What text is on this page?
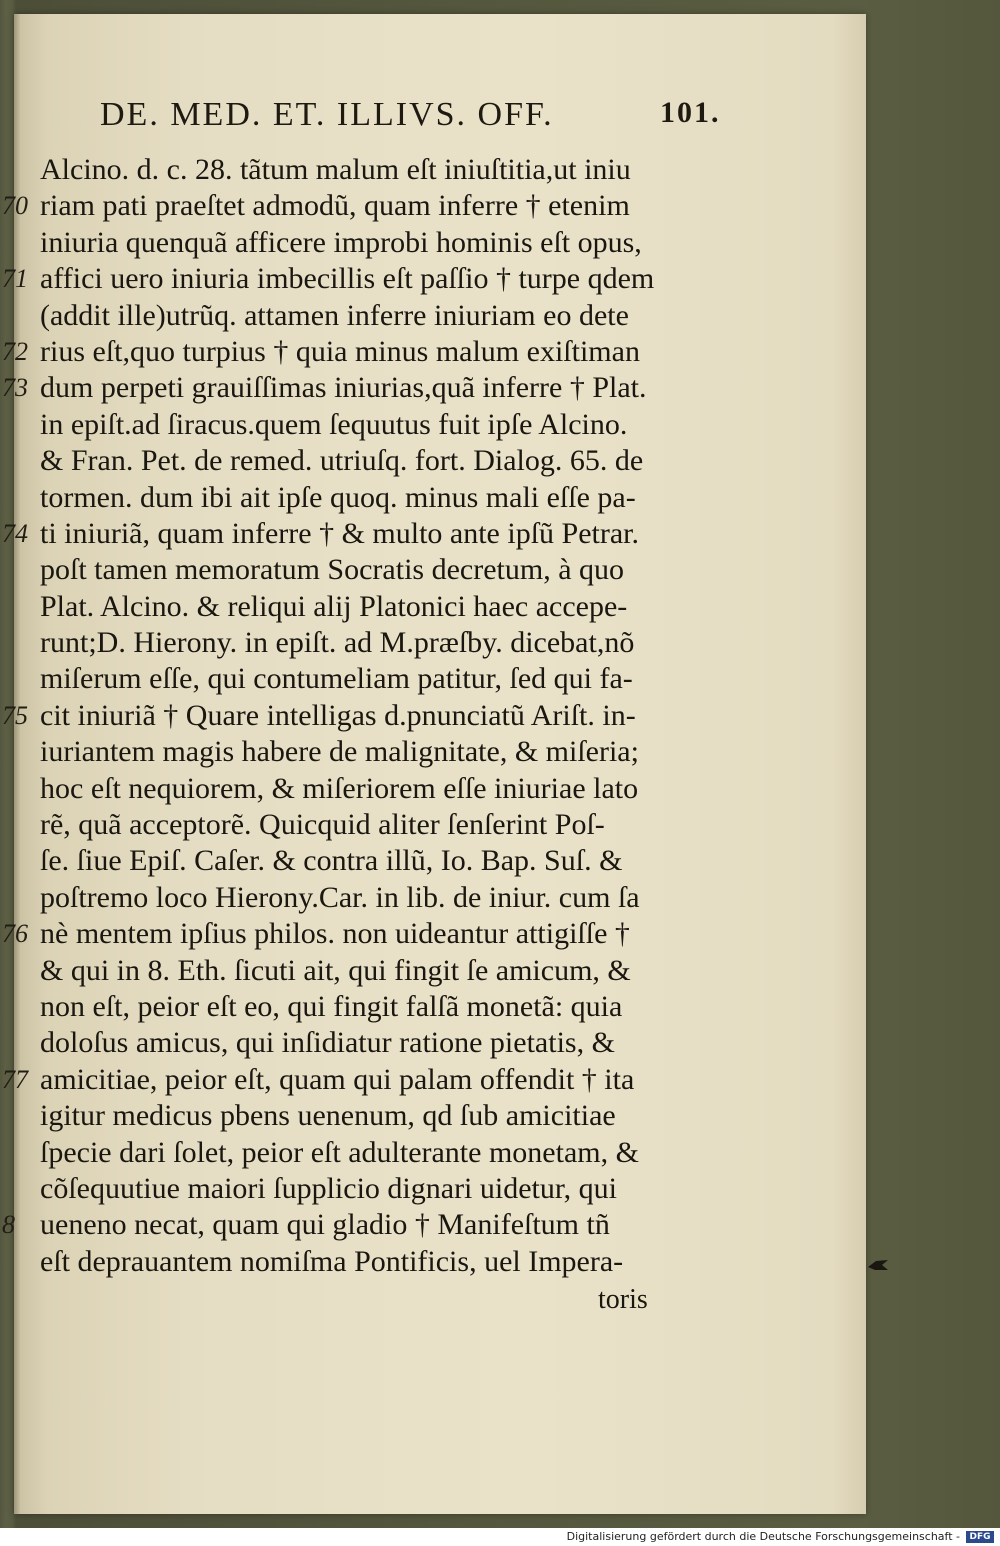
DE. MED. ET. ILLIVS. OFF.	101.
Alcino. d. c. 28. tãtum malum eſt iniuſtitia,ut iniu
70 riam pati praeſtet admodũ, quam inferre † etenim
iniuria quenquã afficere improbi hominis eſt opus,
71 affici uero iniuria imbecillis eſt paſſio † turpe qdem
(addit ille)utrũq. attamen inferre iniuriam eo dete
72 rius eſt,quo turpius † quia minus malum exiſtiman
73 dum perpeti grauiſſimas iniurias,quã inferre † Plat.
in epiſt.ad ſiracus.quem ſequutus fuit ipſe Alcino.
& Fran. Pet. de remed. utriuſq. fort. Dialog. 65. de
tormen. dum ibi ait ipſe quoq. minus mali eſſe pa-
74 ti iniuriã, quam inferre † & multo ante ipſũ Petrar.
poſt tamen memoratum Socratis decretum, à quo
Plat. Alcino. & reliqui alij Platonici haec accepe-
runt;D. Hierony. in epiſt. ad M.præſby. dicebat,nõ
miſerum eſſe, qui contumeliam patitur, ſed qui fa-
75 cit iniuriã † Quare intelligas d.pnunciatũ Ariſt. in-
iuriantem magis habere de malignitate, & miſeria;
hoc eſt nequiorem, & miſeriorem eſſe iniuriae lato
rẽ, quã acceptorẽ. Quicquid aliter ſenſerint Poſ-
ſe. ſiue Epiſ. Caſer. & contra illũ, Io. Bap. Suſ. &
poſtremo loco Hierony.Car. in lib. de iniur. cum ſa
76 nè mentem ipſius philos. non uideantur attigiſſe †
& qui in 8. Eth. ſicuti ait, qui fingit ſe amicum, &
non eſt, peior eſt eo, qui fingit falſã monetã: quia
doloſus amicus, qui inſidiatur ratione pietatis, &
77 amicitiae, peior eſt, quam qui palam offendit † ita
igitur medicus pbens uenenum, qd ſub amicitiae
ſpecie dari ſolet, peior eſt adulterante monetam, &
cõſequutiue maiori ſupplicio dignari uidetur, qui
8 ueneno necat, quam qui gladio † Manifeſtum tñ
eſt deprauantem nomiſma Pontificis, uel Impera-
toris
Digitalisierung gefördert durch die Deutsche Forschungsgemeinschaft -	DFG
